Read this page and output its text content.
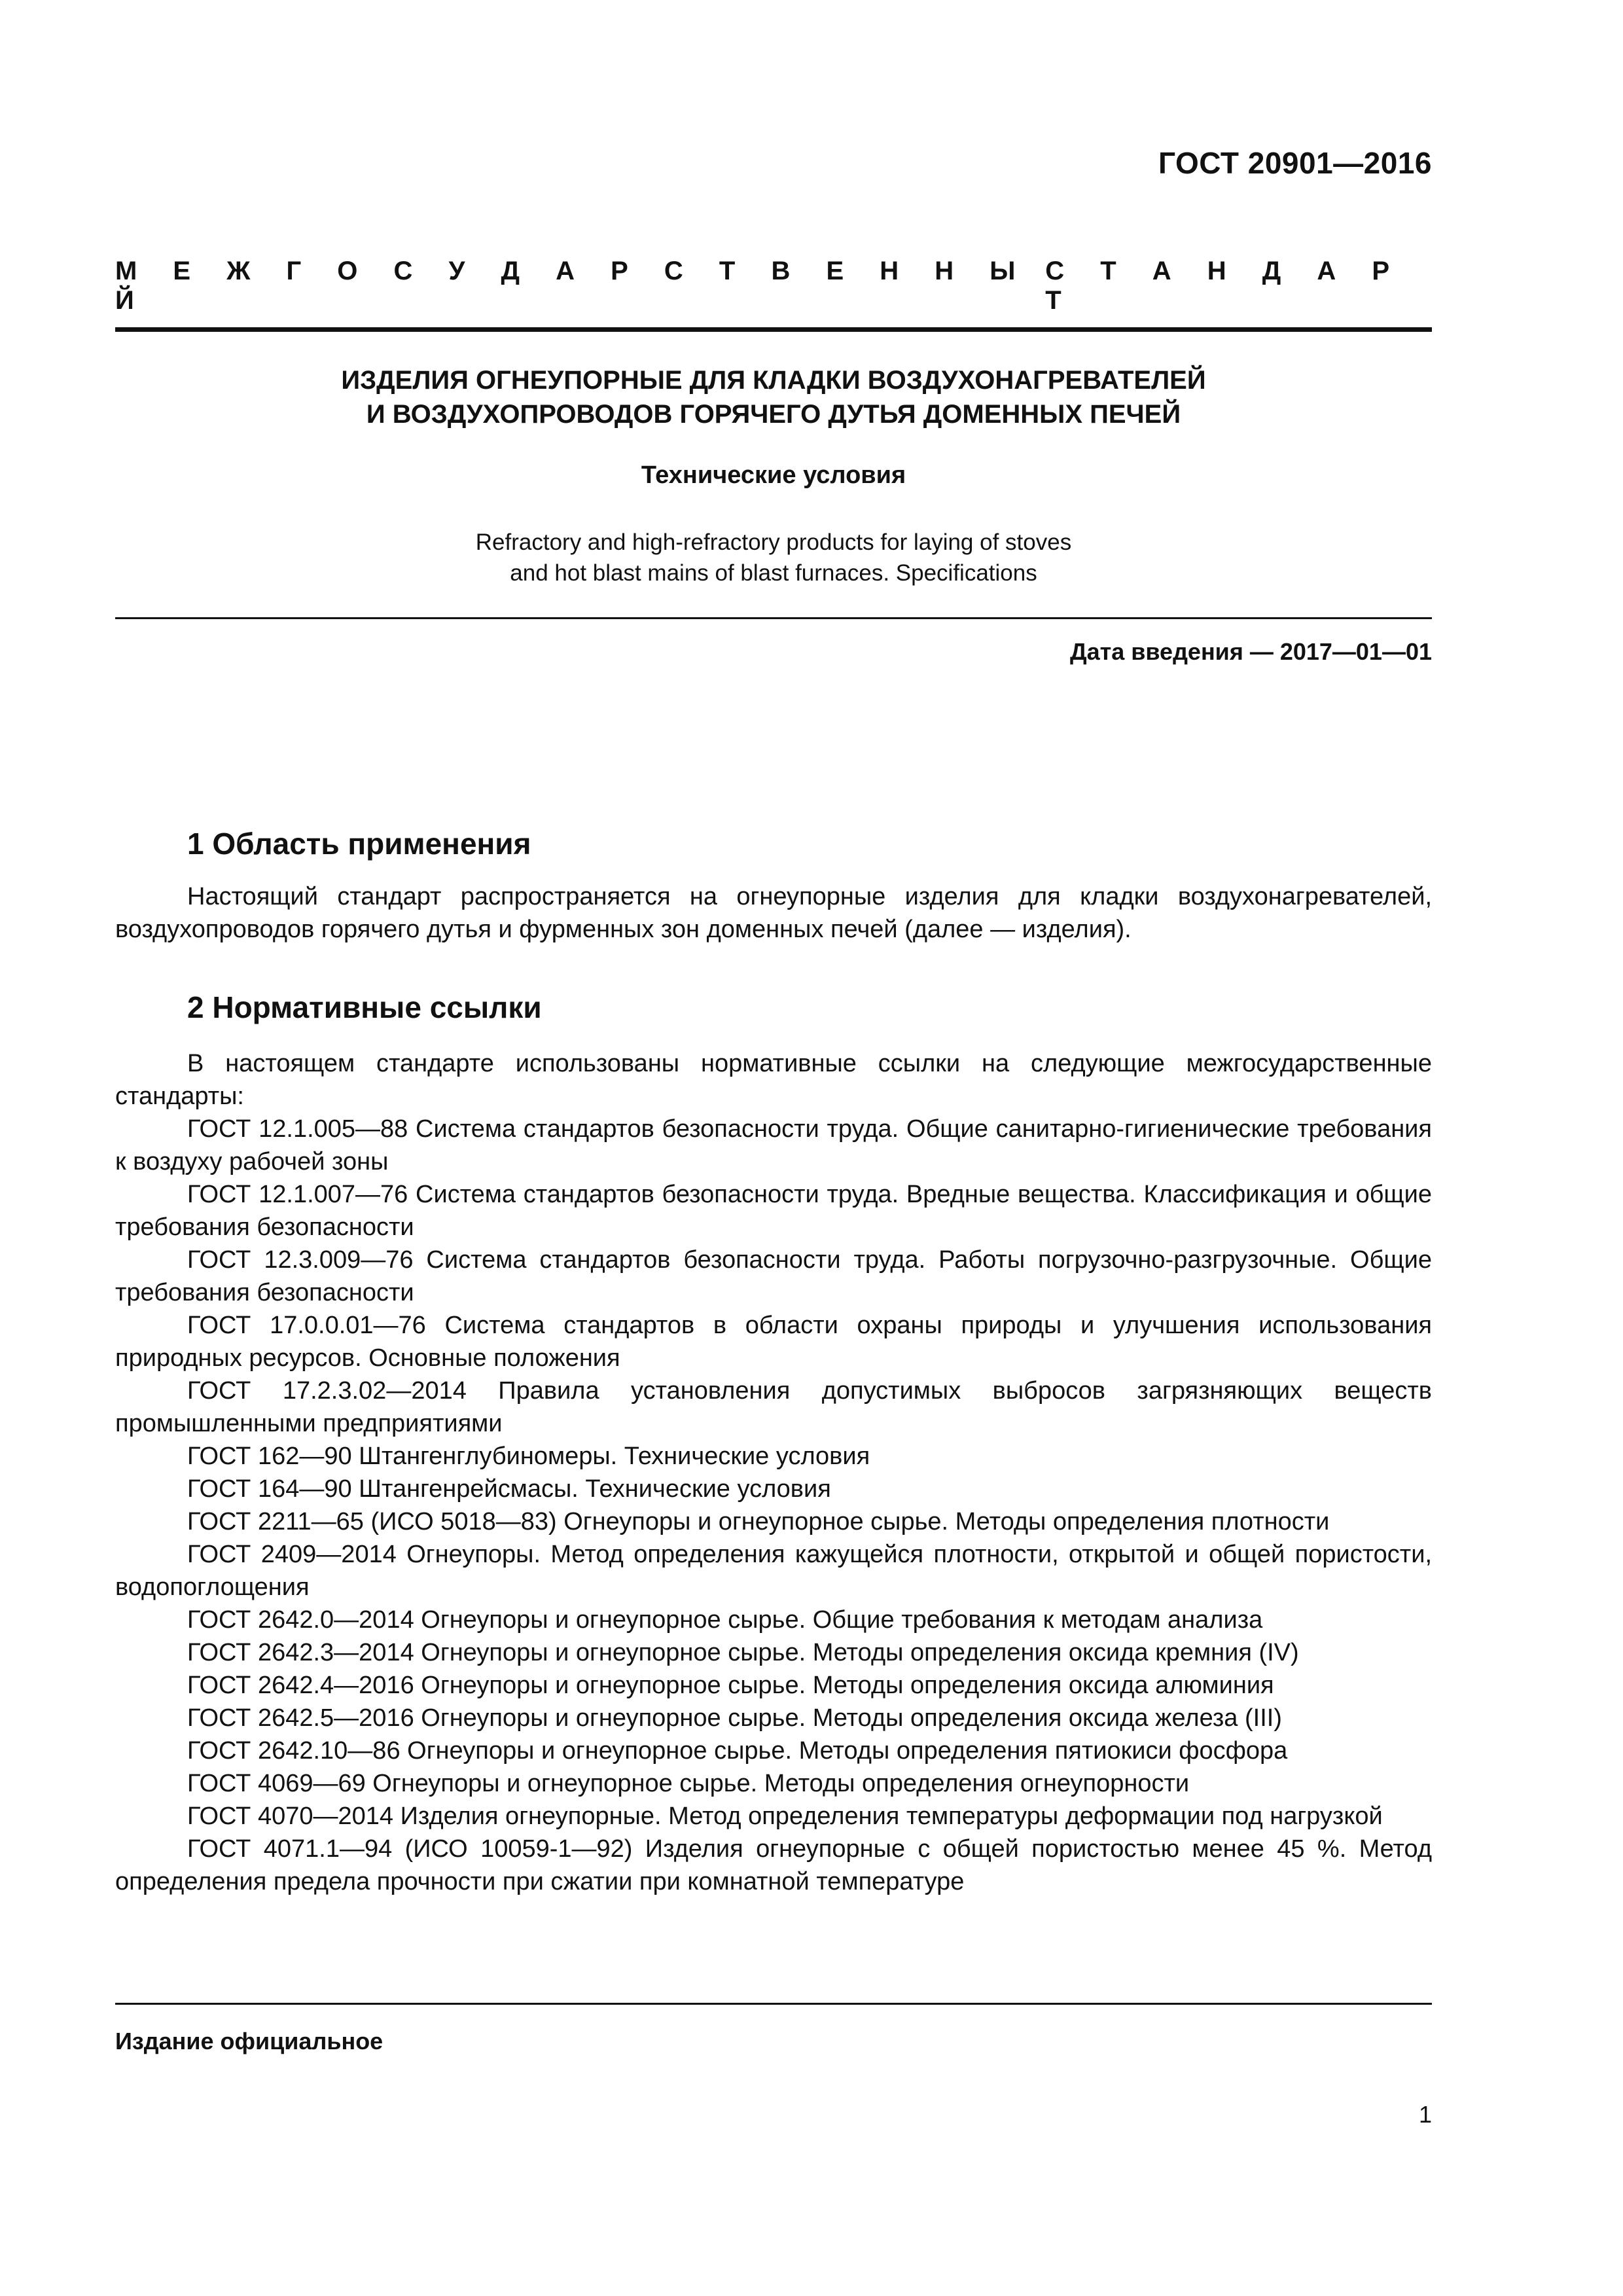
ГОСТ 20901—2016
М Е Ж Г О С У Д А Р С Т В Е Н Н Ы Й
С Т А Н Д А Р Т
ИЗДЕЛИЯ ОГНЕУПОРНЫЕ ДЛЯ КЛАДКИ ВОЗДУХОНАГРЕВАТЕЛЕЙ
И ВОЗДУХОПРОВОДОВ ГОРЯЧЕГО ДУТЬЯ ДОМЕННЫХ ПЕЧЕЙ
Технические условия
Refractory and high-refractory products for laying of stoves
and hot blast mains of blast furnaces. Specifications
Дата введения — 2017—01—01
1 Область применения
Настоящий стандарт распространяется на огнеупорные изделия для кладки воздухонагревателей, воздухопроводов горячего дутья и фурменных зон доменных печей (далее — изделия).
2 Нормативные ссылки

В настоящем стандарте использованы нормативные ссылки на следующие межгосударственные стандарты:

ГОСТ 12.1.005—88 Система стандартов безопасности труда. Общие санитарно-гигиенические требования к воздуху рабочей зоны

ГОСТ 12.1.007—76 Система стандартов безопасности труда. Вредные вещества. Классификация и общие требования безопасности

ГОСТ 12.3.009—76 Система стандартов безопасности труда. Работы погрузочно-разгрузочные. Общие требования безопасности

ГОСТ 17.0.0.01—76 Система стандартов в области охраны природы и улучшения использования природных ресурсов. Основные положения

ГОСТ 17.2.3.02—2014 Правила установления допустимых выбросов загрязняющих веществ промышленными предприятиями

ГОСТ 162—90 Штангенглубиномеры. Технические условия

ГОСТ 164—90 Штангенрейсмасы. Технические условия

ГОСТ 2211—65 (ИСО 5018—83) Огнеупоры и огнеупорное сырье. Методы определения плотности

ГОСТ 2409—2014 Огнеупоры. Метод определения кажущейся плотности, открытой и общей пористости, водопоглощения

ГОСТ 2642.0—2014 Огнеупоры и огнеупорное сырье. Общие требования к методам анализа

ГОСТ 2642.3—2014 Огнеупоры и огнеупорное сырье. Методы определения оксида кремния (IV)

ГОСТ 2642.4—2016 Огнеупоры и огнеупорное сырье. Методы определения оксида алюминия

ГОСТ 2642.5—2016 Огнеупоры и огнеупорное сырье. Методы определения оксида железа (III)

ГОСТ 2642.10—86 Огнеупоры и огнеупорное сырье. Методы определения пятиокиси фосфора

ГОСТ 4069—69 Огнеупоры и огнеупорное сырье. Методы определения огнеупорности

ГОСТ 4070—2014 Изделия огнеупорные. Метод определения температуры деформации под нагрузкой

ГОСТ 4071.1—94 (ИСО 10059-1—92) Изделия огнеупорные с общей пористостью менее 45 %. Метод определения предела прочности при сжатии при комнатной температуре

Издание официальное
1
